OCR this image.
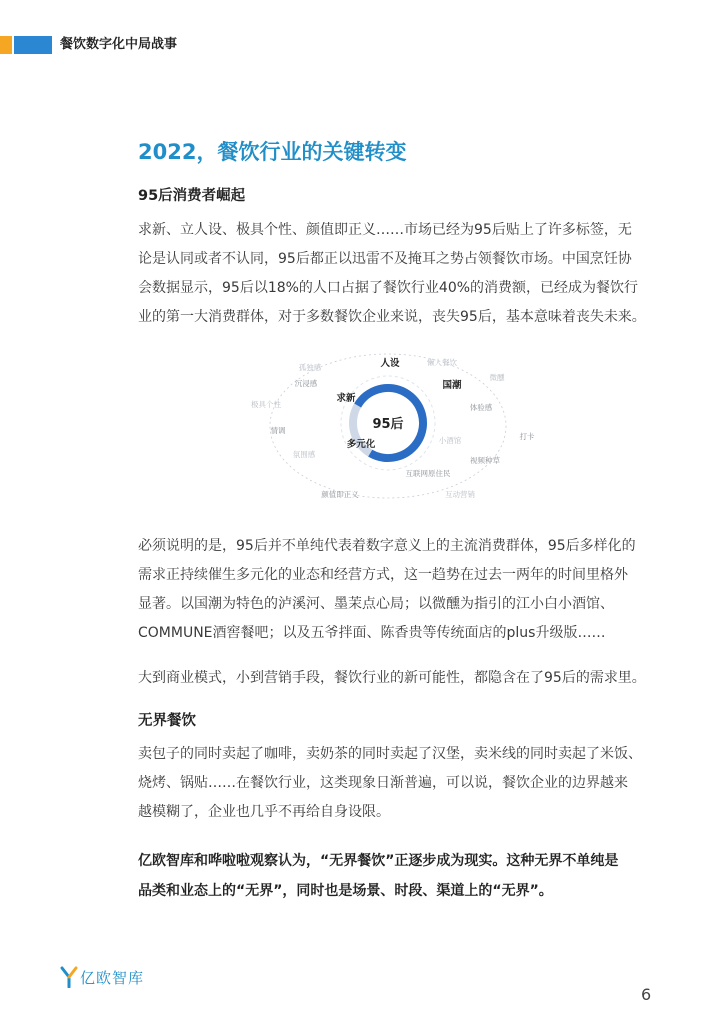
餐饮数字化中局战事
2022，餐饮行业的关键转变
95后消费者崛起
求新、立人设、极具个性、颜值即正义……市场已经为95后贴上了许多标签，无
论是认同或者不认同，95后都正以迅雷不及掩耳之势占领餐饮市场。中国烹饪协
会数据显示，95后以18%的人口占据了餐饮行业40%的消费额，已经成为餐饮行
业的第一大消费群体，对于多数餐饮企业来说，丧失95后，基本意味着丧失未来。
95后
人设
国潮
求新
多元化
孤独感
懒人餐饮
沉浸感
微醺
极具个性	体验感
情调
小酒馆	打卡
氛围感
视频种草
互联网原住民
颜值即正义	互动营销
必须说明的是，95后并不单纯代表着数字意义上的主流消费群体，95后多样化的
需求正持续催生多元化的业态和经营方式，这一趋势在过去一两年的时间里格外
显著。以国潮为特色的泸溪河、墨茉点心局；以微醺为指引的江小白小酒馆、
COMMUNE酒窖餐吧；以及五爷拌面、陈香贵等传统面店的plus升级版……
大到商业模式，小到营销手段，餐饮行业的新可能性，都隐含在了95后的需求里。
无界餐饮
卖包子的同时卖起了咖啡，卖奶茶的同时卖起了汉堡，卖米线的同时卖起了米饭、
烧烤、锅贴……在餐饮行业，这类现象日渐普遍，可以说，餐饮企业的边界越来
越模糊了，企业也几乎不再给自身设限。
亿欧智库和哗啦啦观察认为，“无界餐饮”正逐步成为现实。这种无界不单纯是
品类和业态上的“无界”，同时也是场景、时段、渠道上的“无界”。
亿欧智库
6
